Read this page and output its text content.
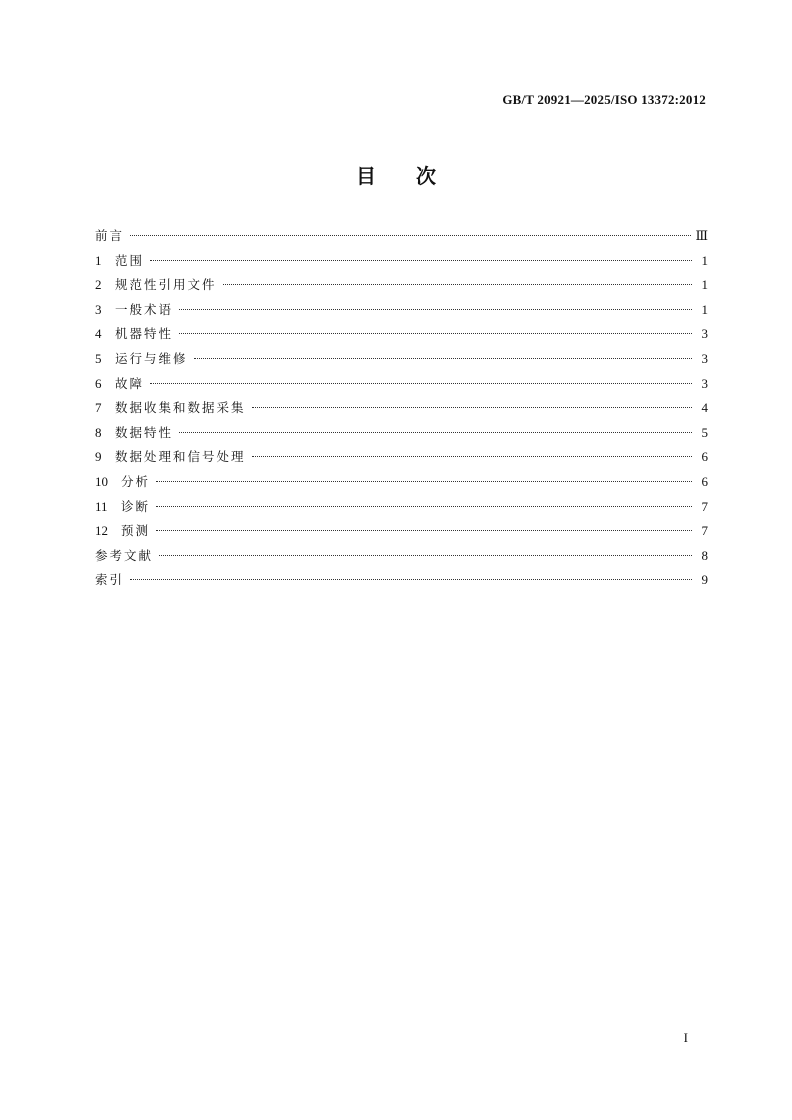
GB/T 20921—2025/ISO 13372:2012
目次
前言	Ⅲ
1	范围	1
2	规范性引用文件	1
3	一般术语	1
4	机器特性	3
5	运行与维修	3
6	故障	3
7	数据收集和数据采集	4
8	数据特性	5
9	数据处理和信号处理	6
10	分析	6
11	诊断	7
12	预测	7
参考文献	8
索引	9
I
